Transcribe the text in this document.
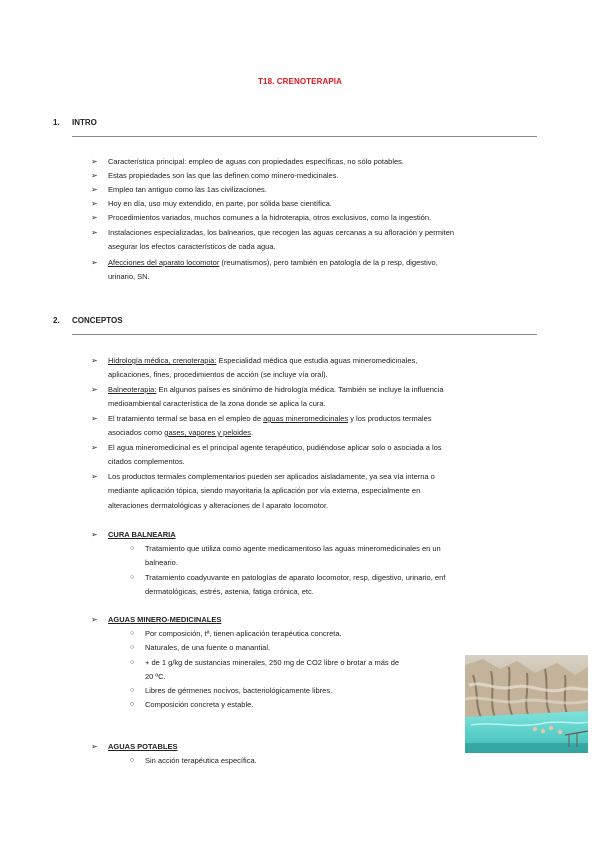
T18. CRENOTERAPIA
1. INTRO
➢ Característica principal: empleo de aguas con propiedades específicas, no sólo potables.
➢ Estas propiedades son las que las definen como minero-medicinales.
➢ Empleo tan antiguo como las 1as civilizaciones.
➢ Hoy en día, uso muy extendido, en parte, por sólida base científica.
➢ Procedimientos variados, muchos comunes a la hidroterapia, otros exclusivos, como la ingestión.
➢ Instalaciones especializadas, los balnearios, que recogen las aguas cercanas a su afloración y permiten
asegurar los efectos característicos de cada agua.
➢ Afecciones del aparato locomotor (reumatismos), pero también en patología de la p resp, digestivo,
urinario, SN.
2. CONCEPTOS
➢ Hidrología médica, crenoterapia: Especialidad médica que estudia aguas mineromedicinales,
aplicaciones, fines, procedimientos de acción (se incluye vía oral).
➢ Balneoterapia: En algunos países es sinónimo de hidrología médica. También se incluye la influencia
medioambiental característica de la zona donde se aplica la cura.
➢ El tratamiento termal se basa en el empleo de aguas mineromedicinales y los productos termales
asociados como gases, vapores y peloides.
➢ El agua mineromedicinal es el principal agente terapéutico, pudiéndose aplicar solo o asociada a los
citados complementos.
➢ Los productos termales complementarios pueden ser aplicados aisladamente, ya sea vía interna o
mediante aplicación tópica, siendo mayoritaria la aplicación por vía externa, especialmente en
alteraciones dermatológicas y alteraciones de l aparato locomotor.
➢ CURA BALNEARIA
○ Tratamiento que utiliza como agente medicamentoso las aguas mineromedicinales en un
balneario.
○ Tratamiento coadyuvante en patologías de aparato locomotor, resp, digestivo, urinario, enf
dermatológicas, estrés, astenia, fatiga crónica, etc.
➢ AGUAS MINERO-MEDICINALES
○ Por composición, tª, tienen aplicación terapéutica concreta.
○ Naturales, de una fuente o manantial.
○ + de 1 g/kg de sustancias minerales, 250 mg de CO2 libre o brotar a más de
20 ºC.
○ Libres de gérmenes nocivos, bacteriológicamente libres.
○ Composición concreta y estable.
➢ AGUAS POTABLES
○ Sin acción terapéutica específica.
